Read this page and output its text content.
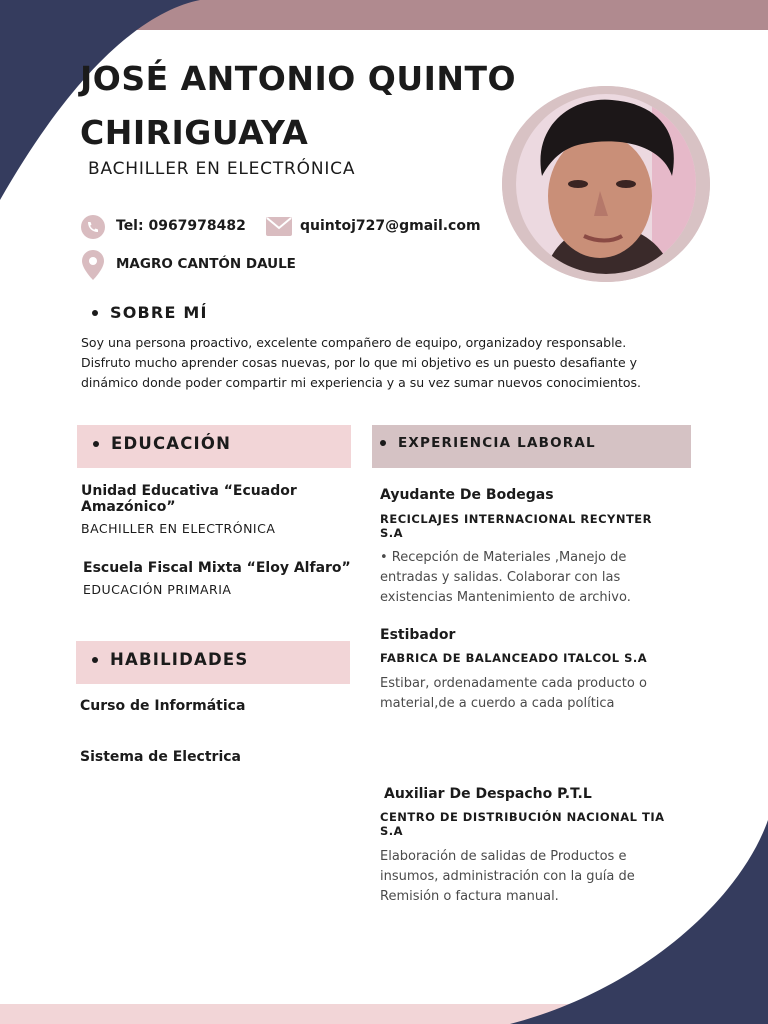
JOSÉ ANTONIO QUINTO
CHIRIGUAYA
BACHILLER EN ELECTRÓNICA
Tel: 0967978482	quintoj727@gmail.com
MAGRO CANTÓN DAULE
SOBRE MÍ
Soy una persona proactivo, excelente compañero de equipo, organizadoy responsable.
Disfruto mucho aprender cosas nuevas, por lo que mi objetivo es un puesto desafiante y
dinámico donde poder compartir mi experiencia y a su vez sumar nuevos conocimientos.
EDUCACIÓN
Unidad Educativa “Ecuador
Amazónico”
BACHILLER EN ELECTRÓNICA
Escuela Fiscal Mixta “Eloy Alfaro”
EDUCACIÓN PRIMARIA
HABILIDADES
Curso de Informática
Sistema de Electrica
EXPERIENCIA LABORAL
Ayudante De Bodegas
RECICLAJES INTERNACIONAL RECYNTER
S.A
• Recepción de Materiales ,Manejo de
entradas y salidas. Colaborar con las
existencias Mantenimiento de archivo.
Estibador
FABRICA DE BALANCEADO ITALCOL S.A
Estibar, ordenadamente cada producto o
material,de a cuerdo a cada política
Auxiliar De Despacho P.T.L
CENTRO DE DISTRIBUCIÓN NACIONAL TIA
S.A
Elaboración de salidas de Productos e
insumos, administración con la guía de
Remisión o factura manual.
